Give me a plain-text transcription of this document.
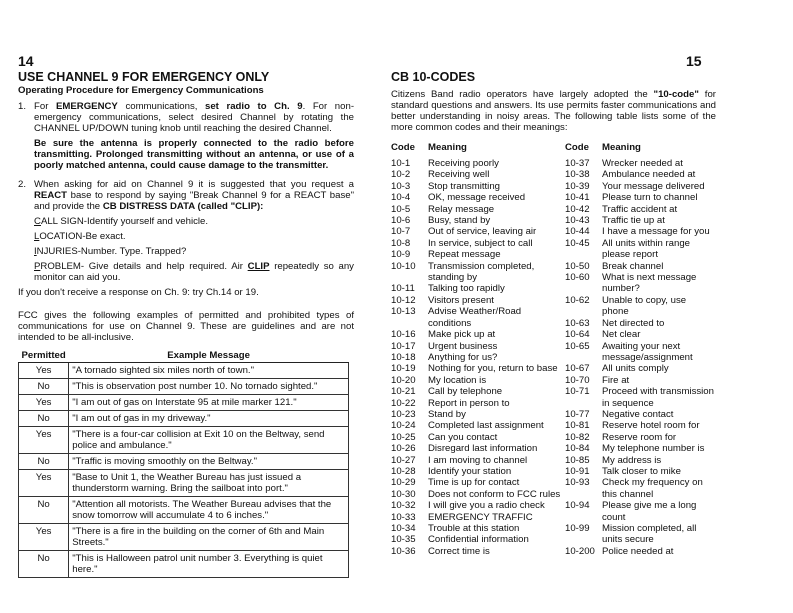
14	15
USE CHANNEL 9 FOR EMERGENCY ONLY
Operating Procedure for Emergency Communications
1. For EMERGENCY communications, set radio to Ch. 9. For non-emergency communications, select desired Channel by rotating the CHANNEL UP/DOWN tuning knob until reaching the desired Channel.

Be sure the antenna is properly connected to the radio before transmitting. Prolonged transmitting without an antenna, or use of a poorly matched antenna, could cause damage to the transmitter.

2. When asking for aid on Channel 9 it is suggested that you request a REACT base to respond by saying "Break Channel 9 for a REACT base" and provide the CB DISTRESS DATA (called "CLIP):

CALL SIGN-Identify yourself and vehicle.

LOCATION-Be exact.

INJURIES-Number. Type. Trapped?

PROBLEM- Give details and help required. Air CLIP repeatedly so any monitor can aid you.

If you don't receive a response on Ch. 9: try Ch.14 or 19.

FCC gives the following examples of permitted and prohibited types of communications for use on Channel 9. These are guidelines and are not intended to be all-inclusive.

Permitted	Example Message
Yes	"A tornado sighted six miles north of town."
No	"This is observation post number 10. No tornado sighted."
Yes	"I am out of gas on Interstate 95 at mile marker 121."
No	"I am out of gas in my driveway."
Yes	"There is a four-car collision at Exit 10 on the Beltway, send police and ambulance."
No	"Traffic is moving smoothly on the Beltway."
Yes	"Base to Unit 1, the Weather Bureau has just issued a thunderstorm warning. Bring the sailboat into port."
No	"Attention all motorists. The Weather Bureau advises that the snow tomorrow will accumulate 4 to 6 inches."
Yes	"There is a fire in the building on the corner of 6th and Main Streets."
No	"This is Halloween patrol unit number 3. Everything is quiet here."
CB 10-CODES

Citizens Band radio operators have largely adopted the "10-code" for standard questions and answers. Its use permits faster communications and better understanding in noisy areas. The following table lists some of the more common codes and their meanings:

Code	Meaning
10-1	Receiving poorly
10-2	Receiving well
10-3	Stop transmitting
10-4	OK, message received
10-5	Relay message
10-6	Busy, stand by
10-7	Out of service, leaving air
10-8	In service, subject to call
10-9	Repeat message
10-10	Transmission completed, standing by
10-11	Talking too rapidly
10-12	Visitors present
10-13	Advise Weather/Road conditions
10-16	Make pick up at
10-17	Urgent business
10-18	Anything for us?
10-19	Nothing for you, return to base
10-20	My location is
10-21	Call by telephone
10-22	Report in person to
10-23	Stand by
10-24	Completed last assignment
10-25	Can you contact
10-26	Disregard last information
10-27	I am moving to channel
10-28	Identify your station
10-29	Time is up for contact
10-30	Does not conform to FCC rules
10-32	I will give you a radio check
10-33	EMERGENCY TRAFFIC
10-34	Trouble at this station
10-35	Confidential information
10-36	Correct time is
Code	Meaning
10-37	Wrecker needed at
10-38	Ambulance needed at
10-39	Your message delivered
10-41	Please turn to channel
10-42	Traffic accident at
10-43	Traffic tie up at
10-44	I have a message for you
10-45	All units within range please report
10-50	Break channel
10-60	What is next message number?
10-62	Unable to copy, use phone
10-63	Net directed to
10-64	Net clear
10-65	Awaiting your next message/assignment
10-67	All units comply
10-70	Fire at
10-71	Proceed with transmission in sequence
10-77	Negative contact
10-81	Reserve hotel room for
10-82	Reserve room for
10-84	My telephone number is
10-85	My address is
10-91	Talk closer to mike
10-93	Check my frequency on this channel
10-94	Please give me a long count
10-99	Mission completed, all units secure
10-200 Police needed at
